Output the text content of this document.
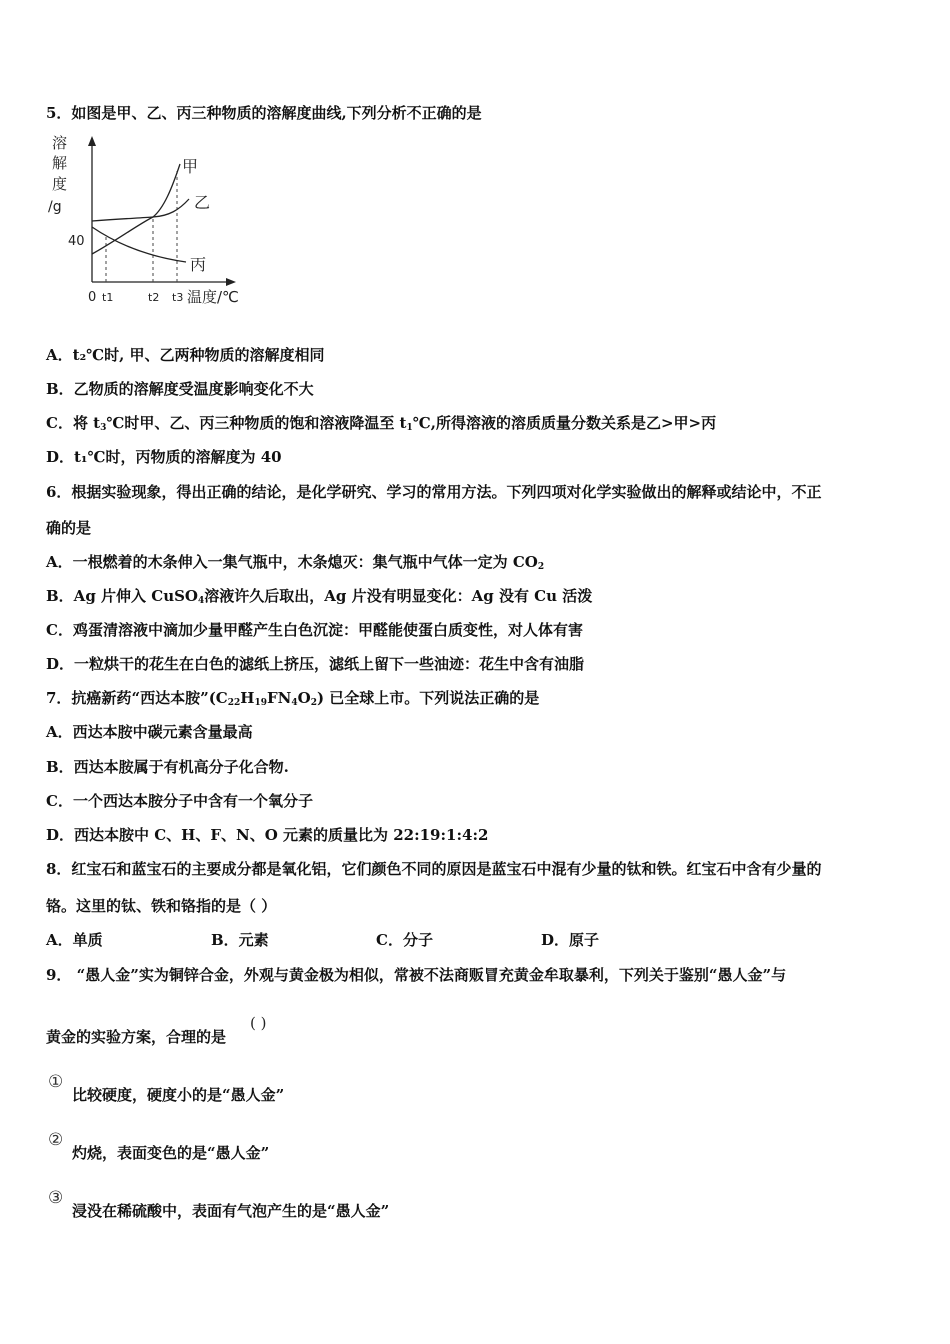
5．如图是甲、乙、丙三种物质的溶解度曲线,下列分析不正确的是
溶
解
度
/g
40
甲
乙
丙
0 t1	t2 t3 温度/℃
A．t₂℃时, 甲、乙两种物质的溶解度相同
B．乙物质的溶解度受温度影响变化不大
C．将 $t_3℃$时甲、乙、丙三种物质的饱和溶液降温至 $t_1℃$,所得溶液的溶质质量分数关系是乙>甲>丙
D．t₁℃时，丙物质的溶解度为 40
6．根据实验现象，得出正确的结论，是化学研究、学习的常用方法。下列四项对化学实验做出的解释或结论中，不正
确的是
A．一根燃着的木条伸入一集气瓶中，木条熄灭：集气瓶中气体一定为 $CO_2$
B．Ag 片伸入 CuSO$_4$溶液许久后取出，Ag 片没有明显变化：Ag 没有 Cu 活泼
C．鸡蛋清溶液中滴加少量甲醛产生白色沉淀：甲醛能使蛋白质变性，对人体有害
D．一粒烘干的花生在白色的滤纸上挤压，滤纸上留下一些油迹：花生中含有油脂
7．抗癌新药“西达本胺$”(C_{22}H_{19}FN_4O_2)$ 已全球上市。下列说法正确的是
A．西达本胺中碳元素含量最高
B．西达本胺属于有机高分子化合物.
C．一个西达本胺分子中含有一个氧分子
D．西达本胺中 C、H、F、N、O 元素的质量比为 22:19:1:4:2
8．红宝石和蓝宝石的主要成分都是氧化铝，它们颜色不同的原因是蓝宝石中混有少量的钛和铁。红宝石中含有少量的
铬。这里的钛、铁和铬指的是（ ）
A．单质	B．元素	C．分子	D．原子
9． “愚人金”实为铜锌合金，外观与黄金极为相似，常被不法商贩冒充黄金牟取暴利，下列关于鉴别“愚人金”与
黄金的实验方案，合理的是
( )
①
比较硬度，硬度小的是“愚人金”
②
灼烧，表面变色的是“愚人金”
③
浸没在稀硫酸中，表面有气泡产生的是“愚人金”
